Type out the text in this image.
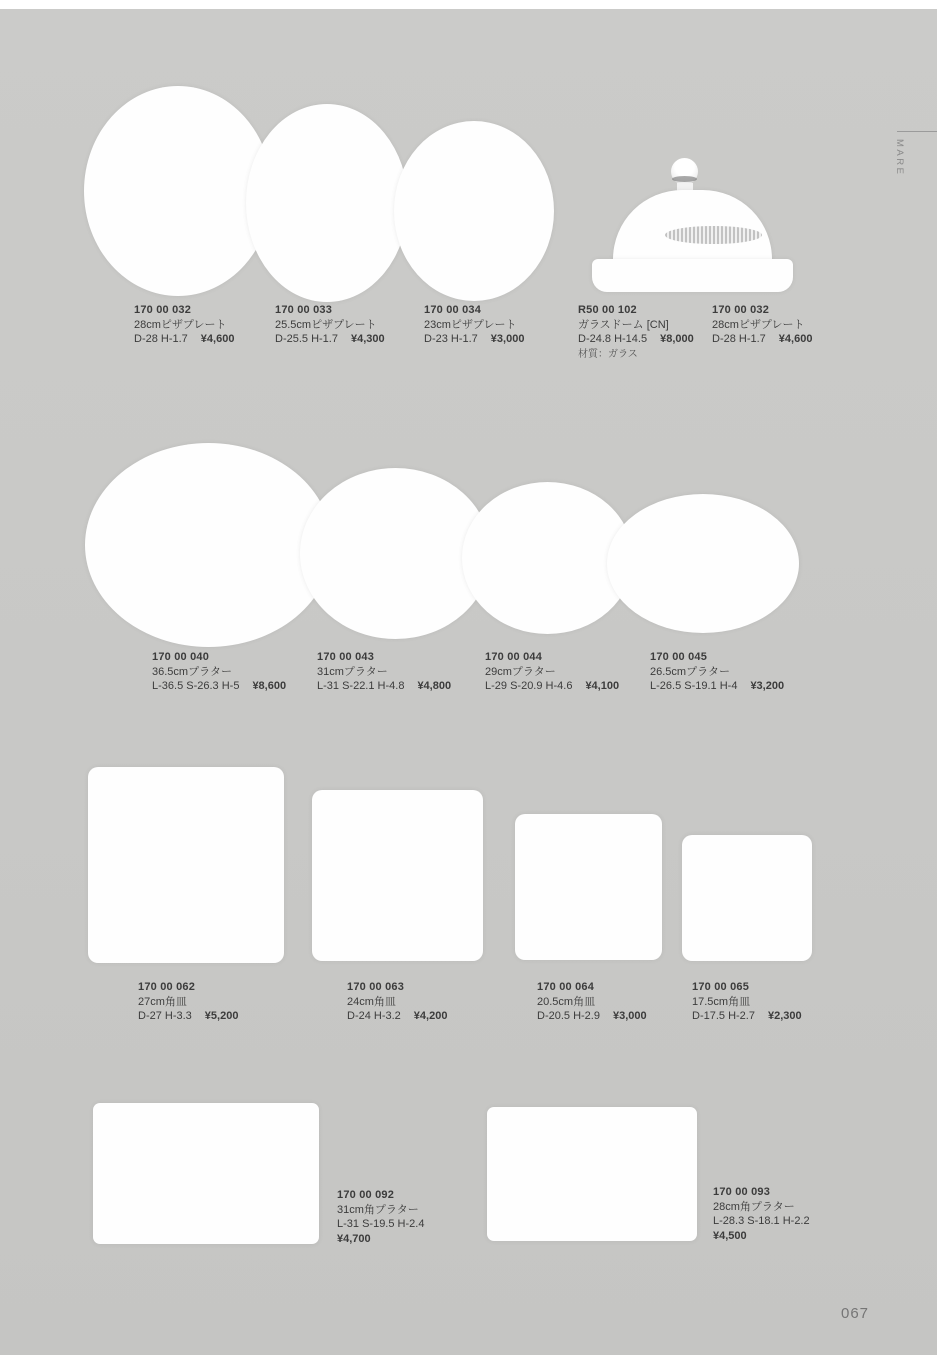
170 00 032
28cmピザプレート
D-28 H-1.7 ¥4,600
170 00 033
25.5cmピザプレート
D-25.5 H-1.7 ¥4,300
170 00 034
23cmピザプレート
D-23 H-1.7 ¥3,000
R50 00 102
ガラスドーム [CN]
D-24.8 H-14.5 ¥8,000
材質：ガラス
170 00 032
28cmピザプレート
D-28 H-1.7 ¥4,600
170 00 040
36.5cmプラター
L-36.5 S-26.3 H-5 ¥8,600
170 00 043
31cmプラター
L-31 S-22.1 H-4.8 ¥4,800
170 00 044
29cmプラター
L-29 S-20.9 H-4.6 ¥4,100
170 00 045
26.5cmプラター
L-26.5 S-19.1 H-4 ¥3,200
170 00 062
27cm角皿
D-27 H-3.3 ¥5,200
170 00 063
24cm角皿
D-24 H-3.2 ¥4,200
170 00 064
20.5cm角皿
D-20.5 H-2.9 ¥3,000
170 00 065
17.5cm角皿
D-17.5 H-2.7 ¥2,300
170 00 092
31cm角プラター
L-31 S-19.5 H-2.4
¥4,700
170 00 093
28cm角プラター
L-28.3 S-18.1 H-2.2
¥4,500
MARE
067
